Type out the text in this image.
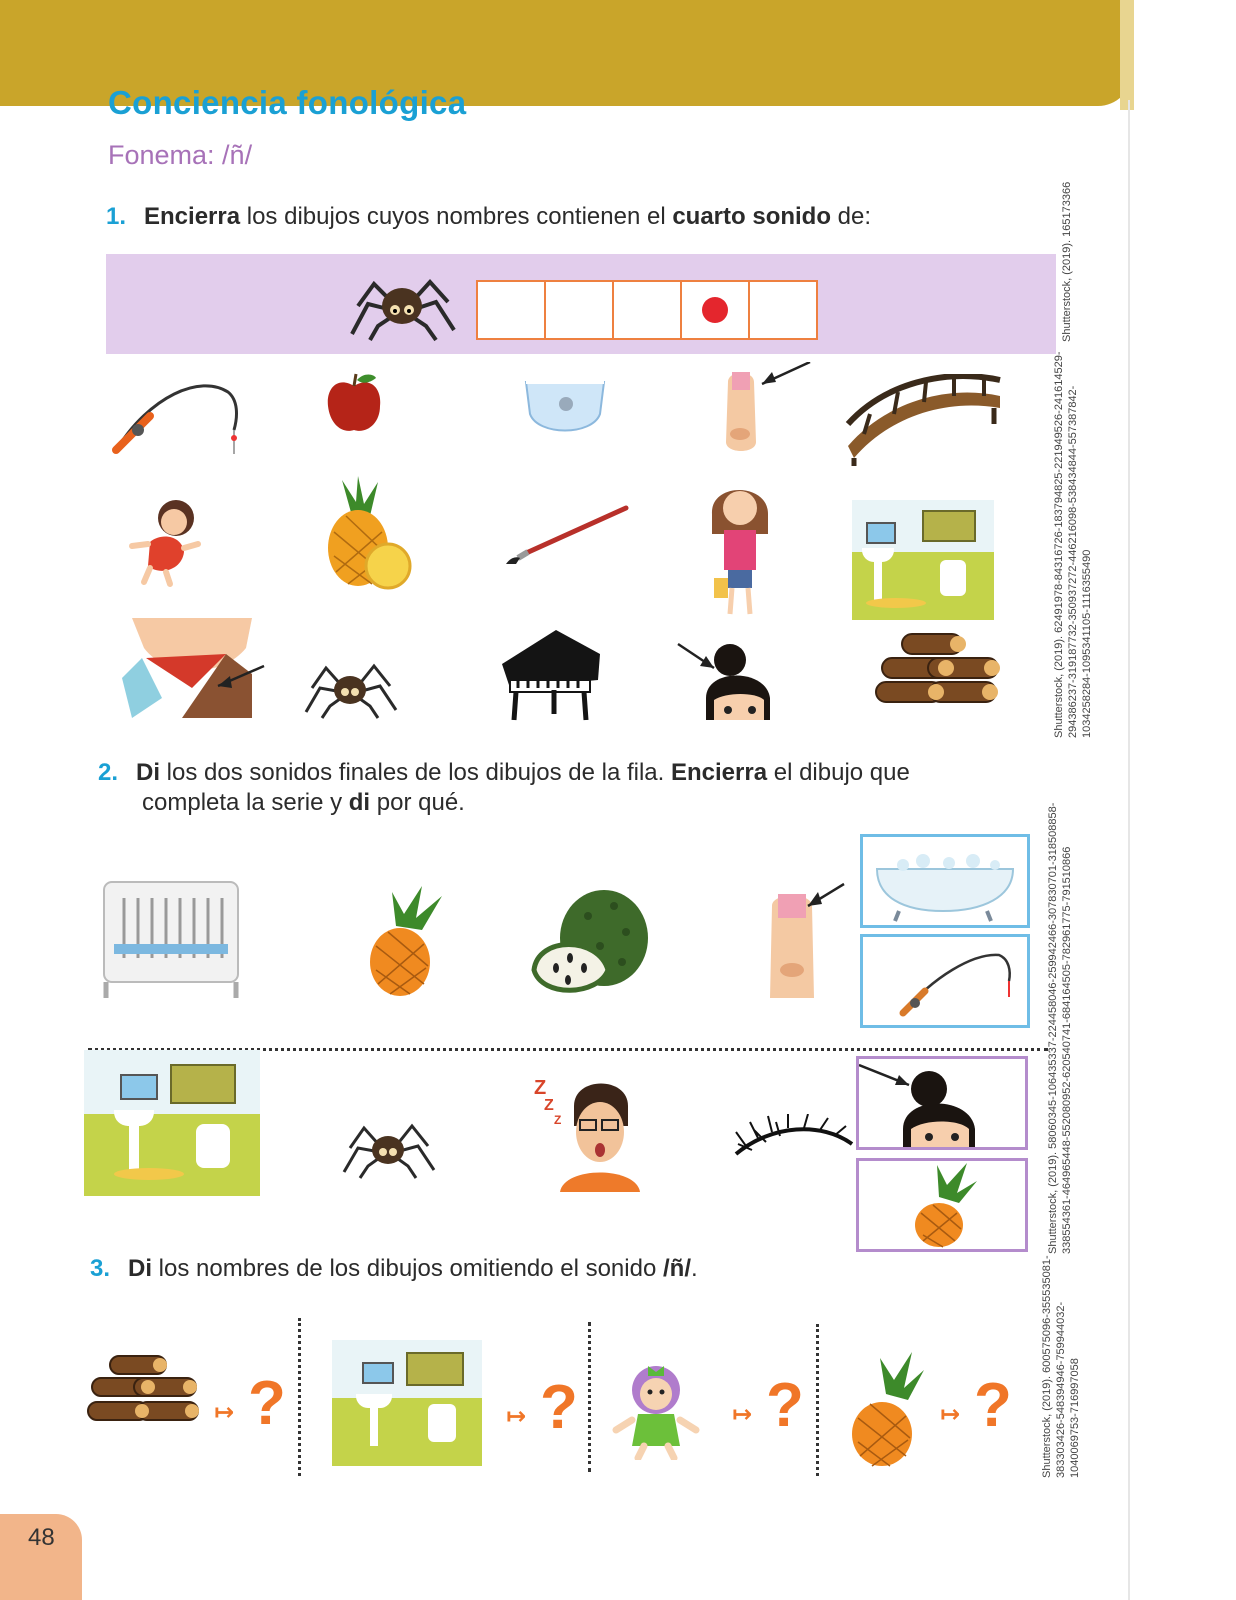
Conciencia fonológica
Fonema: /ñ/
1. Encierra los dibujos cuyos nombres contienen el cuarto sonido de:
2. Di los dos sonidos finales de los dibujos de la fila. Encierra el dibujo que
completa la serie y di por qué.
Z
Z
Z
3. Di los nombres de los dibujos omitiendo el sonido /ñ/.
↦ ?	↦ ?	↦ ?	↦ ?
Shutterstock, (2019). 165173366
Shutterstock, (2019). 62491978-84316726-183794825-221949526-241614529-
294386237-319187732-350937272-446216098-538434844-557387842-
1034258284-1095341105-1116355490
Shutterstock, (2019). 58060345-106435337-224458046-259942466-307830701-318508858-
338554361-464965448-552080952-620540741-684164505-782961775-791510866
Shutterstock, (2019). 600575096-355535081-
383303426-548394946-759944032-
1040069753-716997058
48
